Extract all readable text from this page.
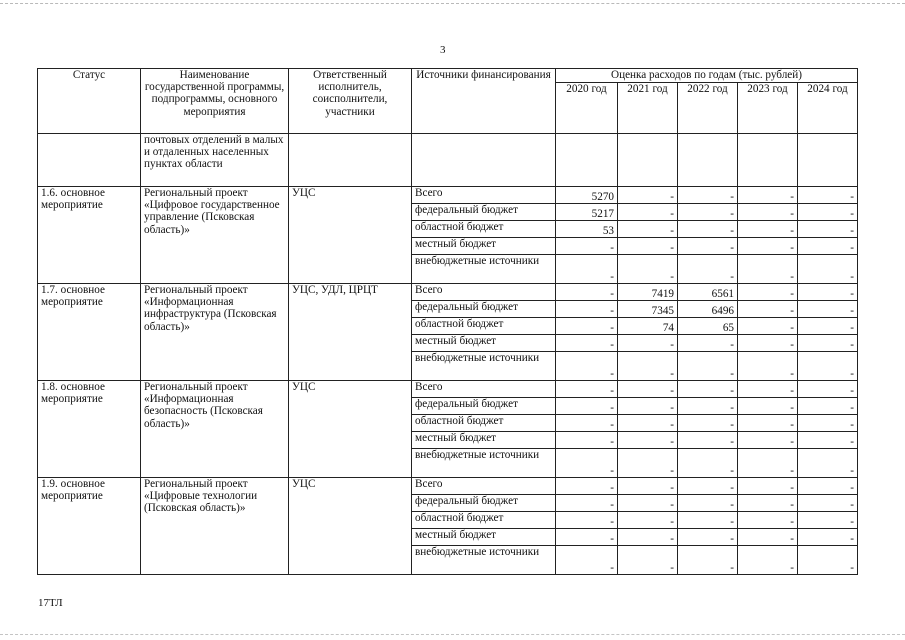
3
Статус	Наименование государственной программы, подпрограммы, основного мероприятия	Ответственный исполнитель, соисполнители, участники	Источники финансирования	Оценка расходов по годам (тыс. рублей)				
				2020 год	2021 год	2022 год	2023 год	2024 год
	почтовых отделений в малых и отдаленных населенных пунктах области							
1.6. основное мероприятие	Региональный проект «Цифровое государственное управление (Псковская область)»	УЦС	Всего	5270	-	-	-	-
			федеральный бюджет	5217	-	-	-	-
			областной бюджет	53	-	-	-	-
			местный бюджет	-	-	-	-	-
			внебюджетные источники	-	-	-	-	-
1.7. основное мероприятие	Региональный проект «Информационная инфраструктура (Псковская область)»	УЦС, УДЛ, ЦРЦТ	Всего	-	7419	6561	-	-
			федеральный бюджет	-	7345	6496	-	-
			областной бюджет	-	74	65	-	-
			местный бюджет	-	-	-	-	-
			внебюджетные источники	-	-	-	-	-
1.8. основное мероприятие	Региональный проект «Информационная безопасность (Псковская область)»	УЦС	Всего	-	-	-	-	-
			федеральный бюджет	-	-	-	-	-
			областной бюджет	-	-	-	-	-
			местный бюджет	-	-	-	-	-
			внебюджетные источники	-	-	-	-	-
1.9. основное мероприятие	Региональный проект «Цифровые технологии (Псковская область)»	УЦС	Всего	-	-	-	-	-
			федеральный бюджет	-	-	-	-	-
			областной бюджет	-	-	-	-	-
			местный бюджет	-	-	-	-	-
			внебюджетные источники	-	-	-	-	-
17ТЛ
